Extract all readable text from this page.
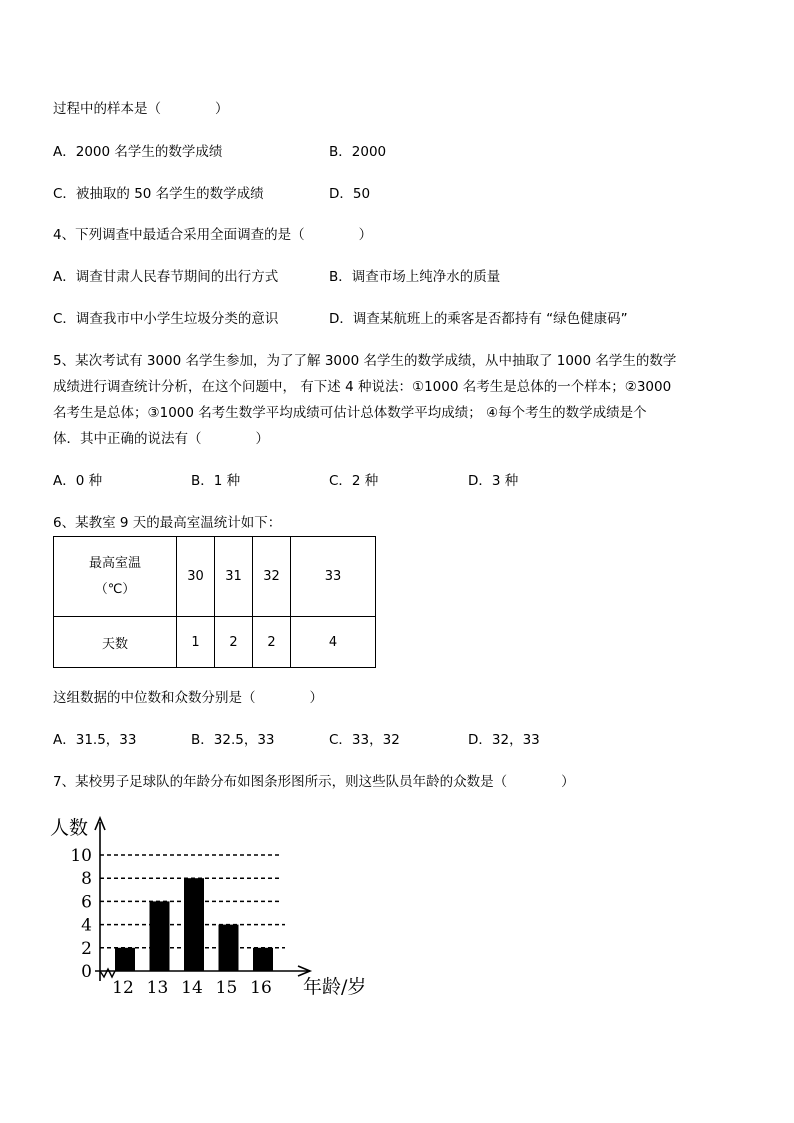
过程中的样本是（　　　　）
A．2000 名学生的数学成绩	B．2000
C．被抽取的 50 名学生的数学成绩	D．50
4、下列调查中最适合采用全面调查的是（　　　　）
A．调查甘肃人民春节期间的出行方式	B．调查市场上纯净水的质量
C．调查我市中小学生垃圾分类的意识	D．调查某航班上的乘客是否都持有 “绿色健康码”
5、某次考试有 3000 名学生参加，为了了解 3000 名学生的数学成绩，从中抽取了 1000 名学生的数学
成绩进行调查统计分析，在这个问题中， 有下述 4 种说法：①1000 名考生是总体的一个样本；②3000
名考生是总体；③1000 名考生数学平均成绩可估计总体数学平均成绩； ④每个考生的数学成绩是个
体．其中正确的说法有（　　　　）
A．0 种	B．1 种	C．2 种	D．3 种
6、某教室 9 天的最高室温统计如下：
最高室温
（℃）	30	31	32	33
天数	1	2	2	4
这组数据的中位数和众数分别是（　　　　）
A．31.5，33	B．32.5，33	C．33，32	D．32，33
7、某校男子足球队的年龄分布如图条形图所示，则这些队员年龄的众数是（　　　　）
12 13 14 15 16
0
2
4
6
8
10
人数
年龄/岁
